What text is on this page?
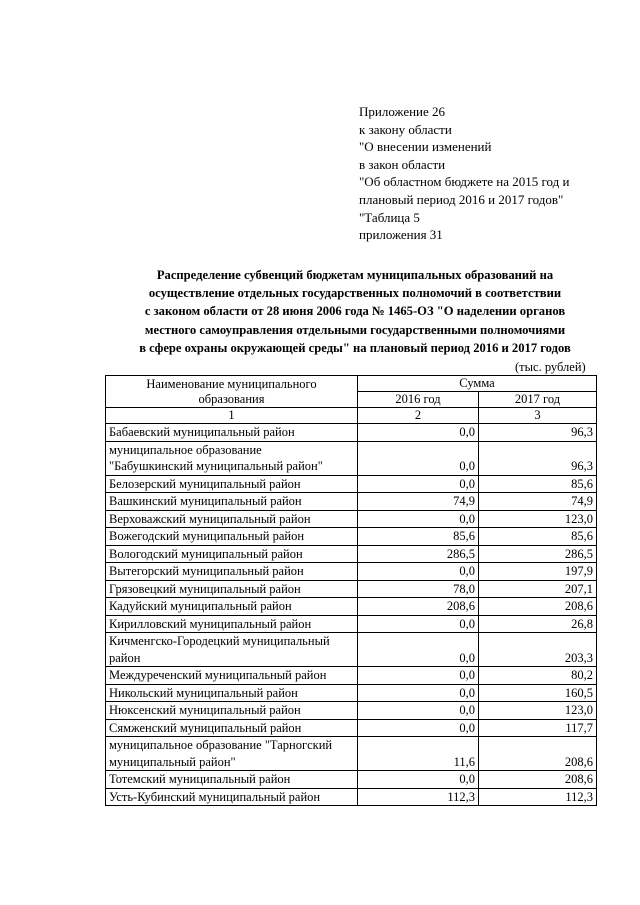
Приложение 26
к закону области
"О внесении изменений
в закон области
"Об областном бюджете на 2015 год и
плановый период 2016 и 2017 годов"
"Таблица 5
приложения 31
Распределение субвенций бюджетам муниципальных образований на
осуществление отдельных государственных полномочий в соответствии
с законом области от 28 июня 2006 года № 1465-ОЗ "О наделении органов
местного самоуправления отдельными государственными полномочиями
в сфере охраны окружающей среды" на плановый период 2016 и 2017 годов
(тыс. рублей)
Наименование муниципального
образования	Сумма	
	2016 год	2017 год
1	2	3

Бабаевский муниципальный район	0,0	96,3

муниципальное образование
"Бабушкинский муниципальный район"	0,0	96,3

Белозерский муниципальный район	0,0	85,6

Вашкинский муниципальный район	74,9	74,9

Верховажский муниципальный район	0,0	123,0

Вожегодский муниципальный район	85,6	85,6

Вологодский муниципальный район	286,5	286,5

Вытегорский муниципальный район	0,0	197,9

Грязовецкий муниципальный район	78,0	207,1

Кадуйский муниципальный район	208,6	208,6

Кирилловский муниципальный район	0,0	26,8

Кичменгско-Городецкий муниципальный
район	0,0	203,3

Междуреченский муниципальный район	0,0	80,2

Никольский муниципальный район	0,0	160,5

Нюксенский муниципальный район	0,0	123,0

Сямженский муниципальный район	0,0	117,7

муниципальное образование "Тарногский
муниципальный район"	11,6	208,6

Тотемский муниципальный район	0,0	208,6

Усть-Кубинский муниципальный район	112,3	112,3
